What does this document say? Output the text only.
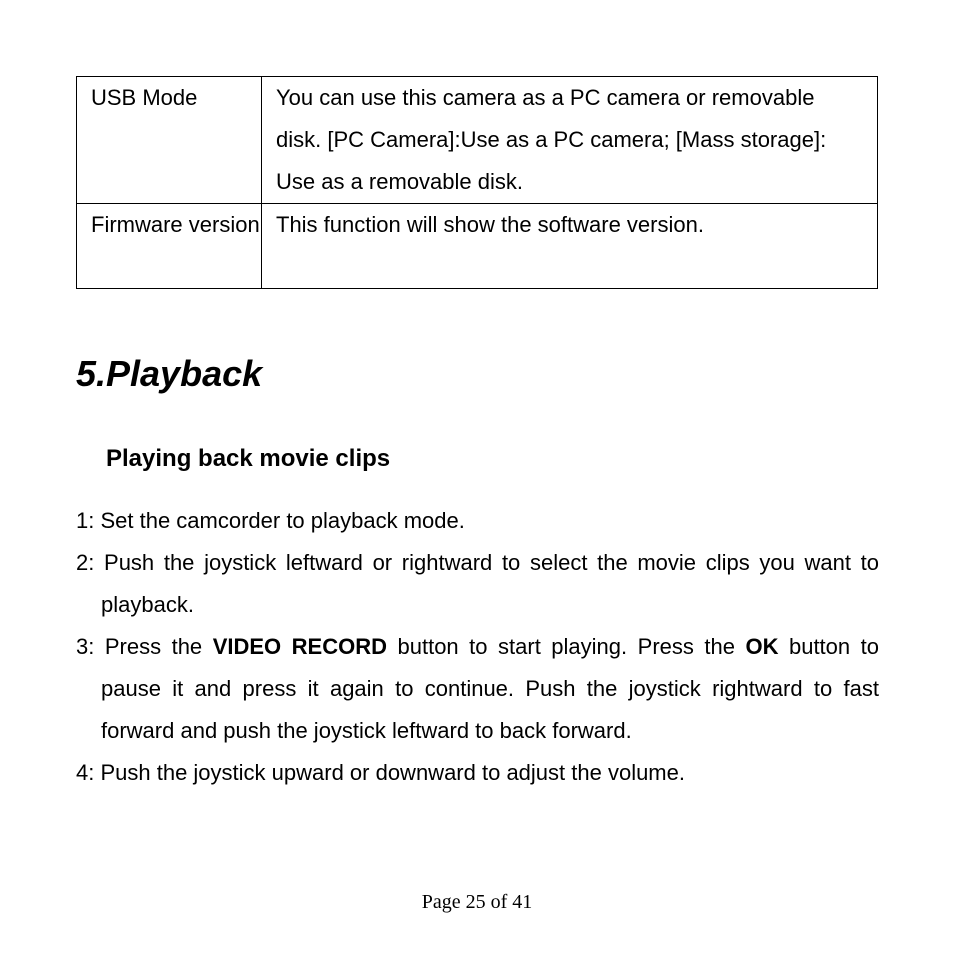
USB Mode	You can use this camera as a PC camera or removable disk. [PC Camera]:Use as a PC camera; [Mass storage]: Use as a removable disk.
Firmware version	This function will show the software version.
5.Playback
Playing back movie clips
1: Set the camcorder to playback mode.
2: Push the joystick leftward or rightward to select the movie clips you want to playback.
3: Press the VIDEO RECORD button to start playing. Press the OK button to pause it and press it again to continue. Push the joystick rightward to fast forward and push the joystick leftward to back forward.
4: Push the joystick upward or downward to adjust the volume.
Page 25 of 41
